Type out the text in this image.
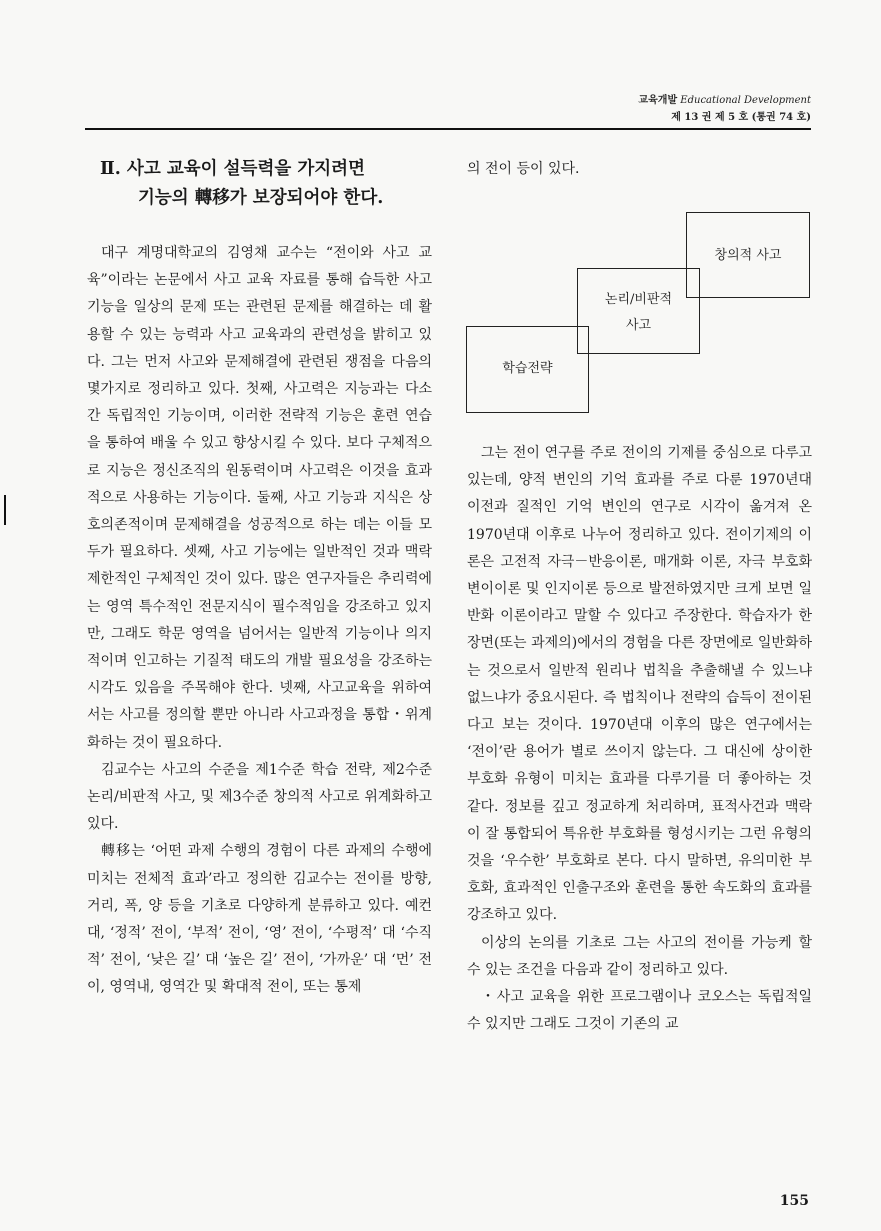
교육개발 Educational Development
제 13 권 제 5 호 (통권 74 호)
Ⅱ. 사고 교육이 설득력을 가지려면
기능의 轉移가 보장되어야 한다.

대구 계명대학교의 김영채 교수는 “전이와 사고 교육”이라는 논문에서 사고 교육 자료를 통해 습득한 사고 기능을 일상의 문제 또는 관련된 문제를 해결하는 데 활용할 수 있는 능력과 사고 교육과의 관련성을 밝히고 있다. 그는 먼저 사고와 문제해결에 관련된 쟁점을 다음의 몇가지로 정리하고 있다. 첫째, 사고력은 지능과는 다소간 독립적인 기능이며, 이러한 전략적 기능은 훈련 연습을 통하여 배울 수 있고 향상시킬 수 있다. 보다 구체적으로 지능은 정신조직의 원동력이며 사고력은 이것을 효과적으로 사용하는 기능이다. 둘째, 사고 기능과 지식은 상호의존적이며 문제해결을 성공적으로 하는 데는 이들 모두가 필요하다. 셋째, 사고 기능에는 일반적인 것과 맥락 제한적인 구체적인 것이 있다. 많은 연구자들은 추리력에는 영역 특수적인 전문지식이 필수적임을 강조하고 있지만, 그래도 학문 영역을 넘어서는 일반적 기능이나 의지적이며 인고하는 기질적 태도의 개발 필요성을 강조하는 시각도 있음을 주목해야 한다. 넷째, 사고교육을 위하여서는 사고를 정의할 뿐만 아니라 사고과정을 통합・위계화하는 것이 필요하다.

김교수는 사고의 수준을 제1수준 학습 전략, 제2수준 논리/비판적 사고, 및 제3수준 창의적 사고로 위계화하고 있다.

轉移는 ‘어떤 과제 수행의 경험이 다른 과제의 수행에 미치는 전체적 효과’라고 정의한 김교수는 전이를 방향, 거리, 폭, 양 등을 기초로 다양하게 분류하고 있다. 예컨대, ‘정적’ 전이, ‘부적’ 전이, ‘영’ 전이, ‘수평적’ 대 ‘수직적’ 전이, ‘낮은 길’ 대 ‘높은 길’ 전이, ‘가까운’ 대 ‘먼’ 전이, 영역내, 영역간 및 확대적 전이, 또는 통제

의 전이 등이 있다.
창의적 사고
논리/비판적
사고
학습전략

그는 전이 연구를 주로 전이의 기제를 중심으로 다루고 있는데, 양적 변인의 기억 효과를 주로 다룬 1970년대 이전과 질적인 기억 변인의 연구로 시각이 옮겨져 온 1970년대 이후로 나누어 정리하고 있다. 전이기제의 이론은 고전적 자극－반응이론, 매개화 이론, 자극 부호화 변이이론 및 인지이론 등으로 발전하였지만 크게 보면 일반화 이론이라고 말할 수 있다고 주장한다. 학습자가 한 장면(또는 과제의)에서의 경험을 다른 장면에로 일반화하는 것으로서 일반적 원리나 법칙을 추출해낼 수 있느냐 없느냐가 중요시된다. 즉 법칙이나 전략의 습득이 전이된다고 보는 것이다. 1970년대 이후의 많은 연구에서는 ‘전이’란 용어가 별로 쓰이지 않는다. 그 대신에 상이한 부호화 유형이 미치는 효과를 다루기를 더 좋아하는 것 같다. 정보를 깊고 정교하게 처리하며, 표적사건과 맥락이 잘 통합되어 특유한 부호화를 형성시키는 그런 유형의 것을 ‘우수한’ 부호화로 본다. 다시 말하면, 유의미한 부호화, 효과적인 인출구조와 훈련을 통한 속도화의 효과를 강조하고 있다.

이상의 논의를 기초로 그는 사고의 전이를 가능케 할 수 있는 조건을 다음과 같이 정리하고 있다.

・사고 교육을 위한 프로그램이나 코오스는 독립적일 수 있지만 그래도 그것이 기존의 교

155
